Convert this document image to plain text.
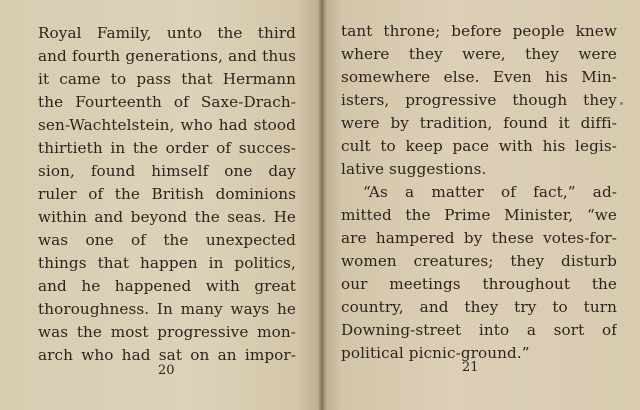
Royal Family, unto the third
and fourth generations, and thus
it came to pass that Hermann
the Fourteenth of Saxe-Drach-
sen-Wachtelstein, who had stood
thirtieth in the order of succes-
sion, found himself one day
ruler of the British dominions
within and beyond the seas. He
was one of the unexpected
things that happen in politics,
and he happened with great
thoroughness. In many ways he
was the most progressive mon-
arch who had sat on an impor-
20
tant throne; before people knew
where they were, they were
somewhere else. Even his Min-
isters, progressive though they
were by tradition, found it diffi-
cult to keep pace with his legis-
lative suggestions.
“As a matter of fact,” ad-
mitted the Prime Minister, “we
are hampered by these votes-for-
women creatures; they disturb
our meetings throughout the
country, and they try to turn
Downing-street into a sort of
political picnic-ground.”
21
